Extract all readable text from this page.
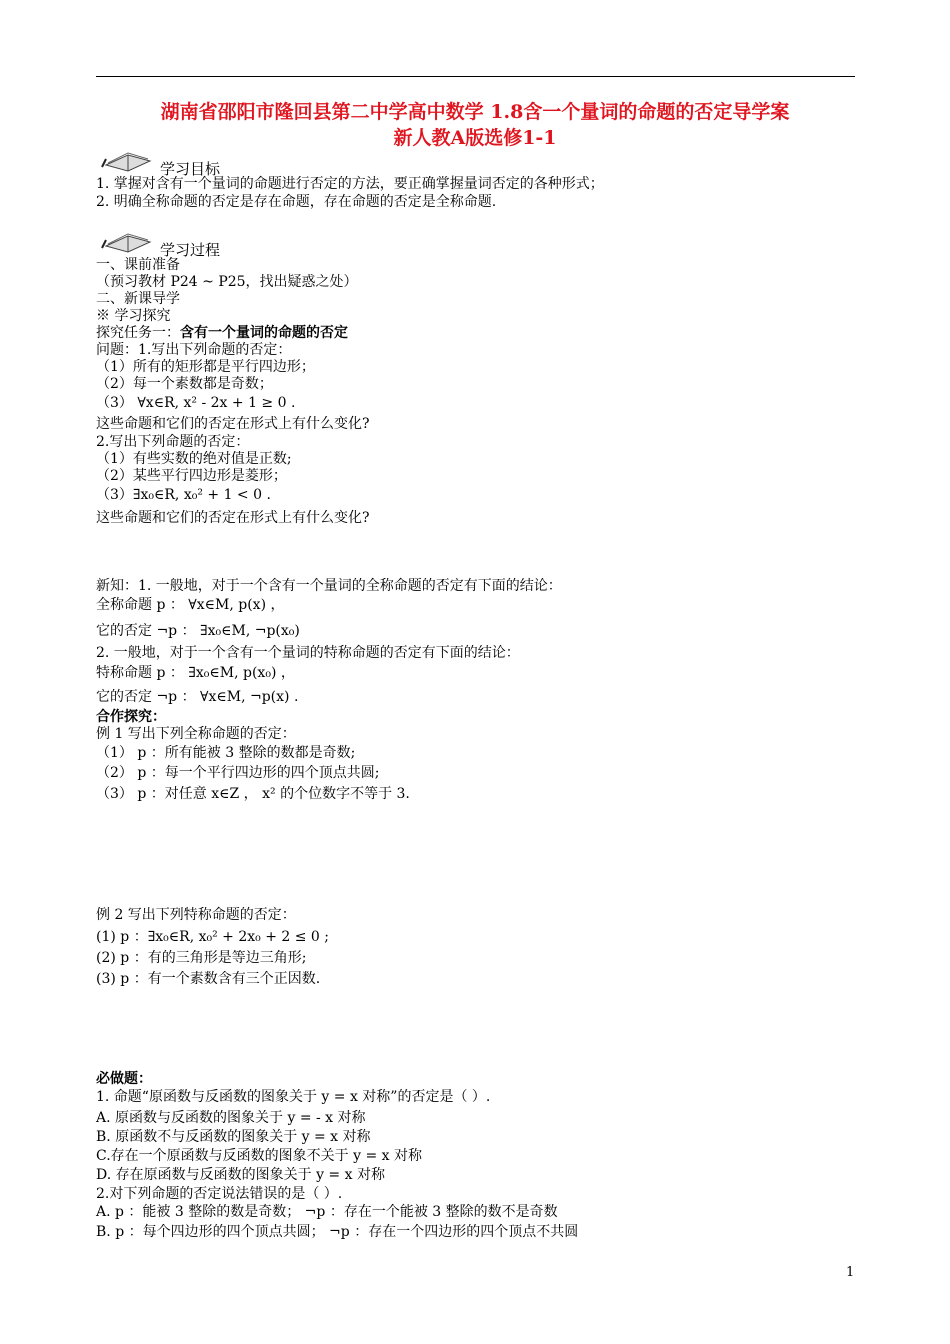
湖南省邵阳市隆回县第二中学高中数学 1.8含一个量词的命题的否定导学案
新人教A版选修1-1
学习目标
1. 掌握对含有一个量词的命题进行否定的方法，要正确掌握量词否定的各种形式；
2. 明确全称命题的否定是存在命题，存在命题的否定是全称命题.
学习过程
一、课前准备
（预习教材 P24 ~ P25，找出疑惑之处）
二、新课导学
※ 学习探究
探究任务一：含有一个量词的命题的否定
问题：1.写出下列命题的否定：
（1）所有的矩形都是平行四边形；
（2）每一个素数都是奇数；
（3） ∀x∈R, x² - 2x + 1 ≥ 0 .
这些命题和它们的否定在形式上有什么变化?
2.写出下列命题的否定：
（1）有些实数的绝对值是正数;
（2）某些平行四边形是菱形；
（3）∃x₀∈R, x₀² + 1 < 0 .
这些命题和它们的否定在形式上有什么变化?
新知：1. 一般地，对于一个含有一个量词的全称命题的否定有下面的结论：
全称命题 p ： ∀x∈M, p(x) ，
它的否定 ¬p ： ∃x₀∈M, ¬p(x₀)
2. 一般地，对于一个含有一个量词的特称命题的否定有下面的结论：
特称命题 p ： ∃x₀∈M, p(x₀) ，
它的否定 ¬p ： ∀x∈M, ¬p(x) .
合作探究：
例 1 写出下列全称命题的否定：
（1） p ：所有能被 3 整除的数都是奇数;
（2） p ：每一个平行四边形的四个顶点共圆;
（3） p ：对任意 x∈Z ， x² 的个位数字不等于 3.
例 2 写出下列特称命题的否定：
(1) p ：∃x₀∈R, x₀² + 2x₀ + 2 ≤ 0 ;
(2) p ：有的三角形是等边三角形;
(3) p ：有一个素数含有三个正因数.
必做题：
1. 命题“原函数与反函数的图象关于 y = x 对称”的否定是（ ）.
A. 原函数与反函数的图象关于 y = - x 对称
B. 原函数不与反函数的图象关于 y = x 对称
C.存在一个原函数与反函数的图象不关于 y = x 对称
D. 存在原函数与反函数的图象关于 y = x 对称
2.对下列命题的否定说法错误的是（ ）.
A. p ：能被 3 整除的数是奇数； ¬p ：存在一个能被 3 整除的数不是奇数
B. p ：每个四边形的四个顶点共圆； ¬p ：存在一个四边形的四个顶点不共圆
1
